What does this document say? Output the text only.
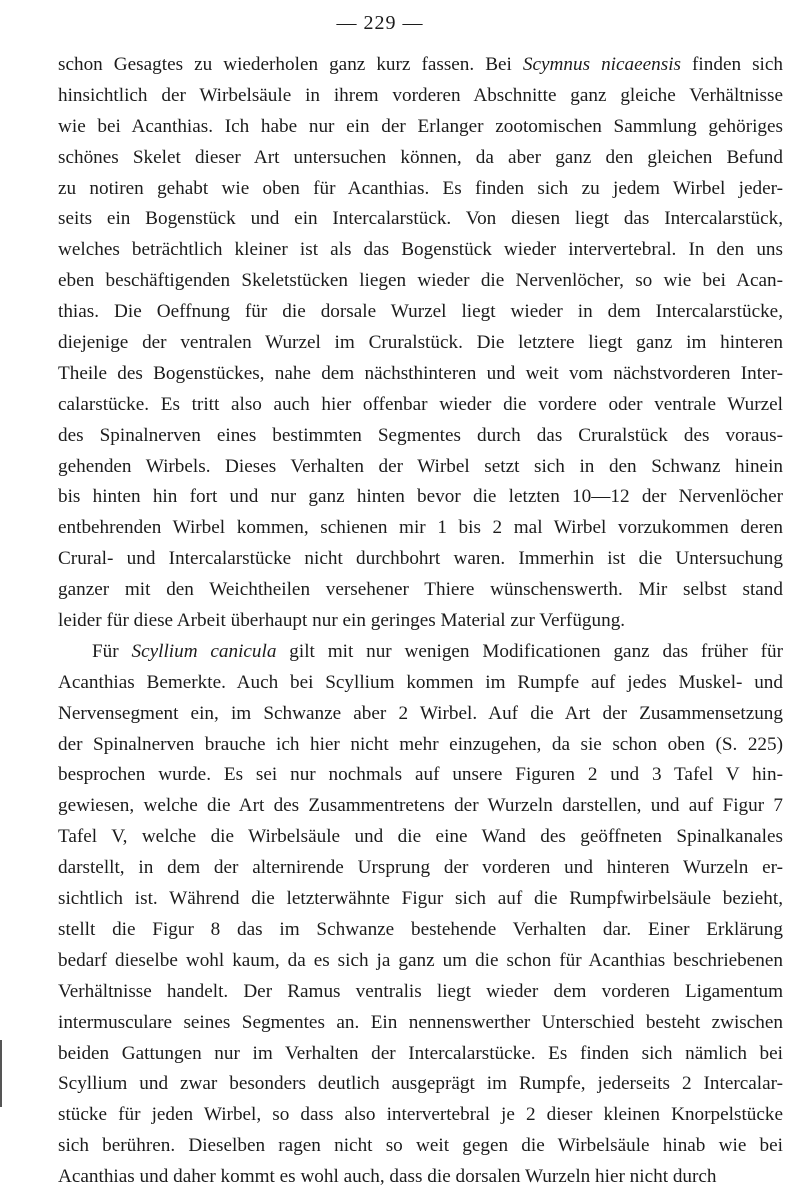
— 229 —
schon Gesagtes zu wiederholen ganz kurz fassen. Bei Scymnus nicaeensis finden sich
hinsichtlich der Wirbelsäule in ihrem vorderen Abschnitte ganz gleiche Verhältnisse
wie bei Acanthias. Ich habe nur ein der Erlanger zootomischen Sammlung gehöriges
schönes Skelet dieser Art untersuchen können, da aber ganz den gleichen Befund
zu notiren gehabt wie oben für Acanthias. Es finden sich zu jedem Wirbel jeder-
seits ein Bogenstück und ein Intercalarstück. Von diesen liegt das Intercalarstück,
welches beträchtlich kleiner ist als das Bogenstück wieder intervertebral. In den uns
eben beschäftigenden Skeletstücken liegen wieder die Nervenlöcher, so wie bei Acan-
thias. Die Oeffnung für die dorsale Wurzel liegt wieder in dem Intercalarstücke,
diejenige der ventralen Wurzel im Cruralstück. Die letztere liegt ganz im hinteren
Theile des Bogenstückes, nahe dem nächsthinteren und weit vom nächstvorderen Inter-
calarstücke. Es tritt also auch hier offenbar wieder die vordere oder ventrale Wurzel
des Spinalnerven eines bestimmten Segmentes durch das Cruralstück des voraus-
gehenden Wirbels. Dieses Verhalten der Wirbel setzt sich in den Schwanz hinein
bis hinten hin fort und nur ganz hinten bevor die letzten 10—12 der Nervenlöcher
entbehrenden Wirbel kommen, schienen mir 1 bis 2 mal Wirbel vorzukommen deren
Crural- und Intercalarstücke nicht durchbohrt waren. Immerhin ist die Untersuchung
ganzer mit den Weichtheilen versehener Thiere wünschenswerth. Mir selbst stand
leider für diese Arbeit überhaupt nur ein geringes Material zur Verfügung.
Für Scyllium canicula gilt mit nur wenigen Modificationen ganz das früher für
Acanthias Bemerkte. Auch bei Scyllium kommen im Rumpfe auf jedes Muskel- und
Nervensegment ein, im Schwanze aber 2 Wirbel. Auf die Art der Zusammensetzung
der Spinalnerven brauche ich hier nicht mehr einzugehen, da sie schon oben (S. 225)
besprochen wurde. Es sei nur nochmals auf unsere Figuren 2 und 3 Tafel V hin-
gewiesen, welche die Art des Zusammentretens der Wurzeln darstellen, und auf Figur 7
Tafel V, welche die Wirbelsäule und die eine Wand des geöffneten Spinalkanales
darstellt, in dem der alternirende Ursprung der vorderen und hinteren Wurzeln er-
sichtlich ist. Während die letzterwähnte Figur sich auf die Rumpfwirbelsäule bezieht,
stellt die Figur 8 das im Schwanze bestehende Verhalten dar. Einer Erklärung
bedarf dieselbe wohl kaum, da es sich ja ganz um die schon für Acanthias beschriebenen
Verhältnisse handelt. Der Ramus ventralis liegt wieder dem vorderen Ligamentum
intermusculare seines Segmentes an. Ein nennenswerther Unterschied besteht zwischen
beiden Gattungen nur im Verhalten der Intercalarstücke. Es finden sich nämlich bei
Scyllium und zwar besonders deutlich ausgeprägt im Rumpfe, jederseits 2 Intercalar-
stücke für jeden Wirbel, so dass also intervertebral je 2 dieser kleinen Knorpelstücke
sich berühren. Dieselben ragen nicht so weit gegen die Wirbelsäule hinab wie bei
Acanthias und daher kommt es wohl auch, dass die dorsalen Wurzeln hier nicht durch
